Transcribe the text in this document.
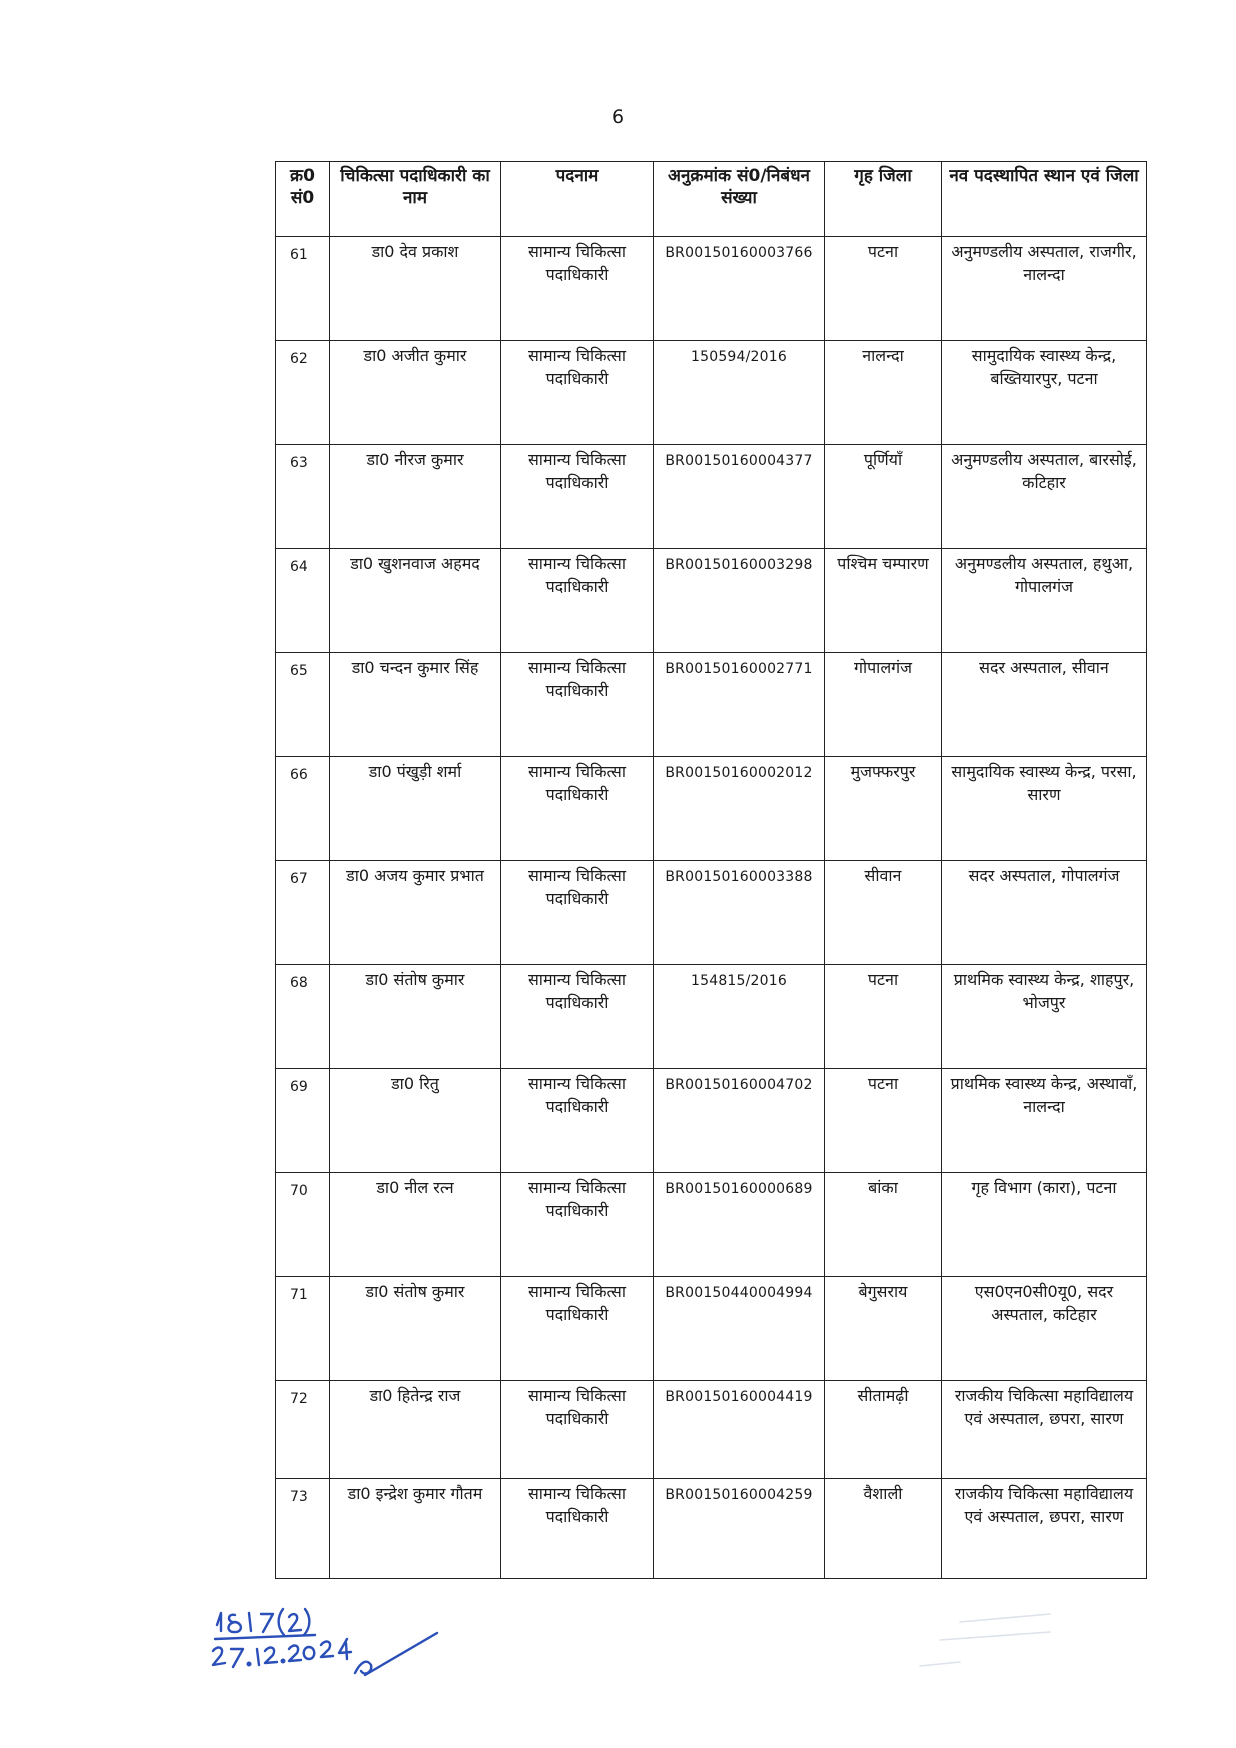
6
क्र0 सं0	चिकित्सा पदाधिकारी का नाम	पदनाम	अनुक्रमांक सं0/निबंधन संख्या	गृह जिला	नव पदस्थापित स्थान एवं जिला
61	डा0 देव प्रकाश	सामान्य चिकित्सा पदाधिकारी	BR00150160003766	पटना	अनुमण्डलीय अस्पताल, राजगीर, नालन्दा
62	डा0 अजीत कुमार	सामान्य चिकित्सा पदाधिकारी	150594/2016	नालन्दा	सामुदायिक स्वास्थ्य केन्द्र, बख्तियारपुर, पटना
63	डा0 नीरज कुमार	सामान्य चिकित्सा पदाधिकारी	BR00150160004377	पूर्णियाँ	अनुमण्डलीय अस्पताल, बारसोई, कटिहार
64	डा0 खुशनवाज अहमद	सामान्य चिकित्सा पदाधिकारी	BR00150160003298	पश्चिम चम्पारण	अनुमण्डलीय अस्पताल, हथुआ, गोपालगंज
65	डा0 चन्दन कुमार सिंह	सामान्य चिकित्सा पदाधिकारी	BR00150160002771	गोपालगंज	सदर अस्पताल, सीवान
66	डा0 पंखुड़ी शर्मा	सामान्य चिकित्सा पदाधिकारी	BR00150160002012	मुजफ्फरपुर	सामुदायिक स्वास्थ्य केन्द्र, परसा, सारण
67	डा0 अजय कुमार प्रभात	सामान्य चिकित्सा पदाधिकारी	BR00150160003388	सीवान	सदर अस्पताल, गोपालगंज
68	डा0 संतोष कुमार	सामान्य चिकित्सा पदाधिकारी	154815/2016	पटना	प्राथमिक स्वास्थ्य केन्द्र, शाहपुर, भोजपुर
69	डा0 रितु	सामान्य चिकित्सा पदाधिकारी	BR00150160004702	पटना	प्राथमिक स्वास्थ्य केन्द्र, अस्थावाँ, नालन्दा
70	डा0 नील रत्न	सामान्य चिकित्सा पदाधिकारी	BR00150160000689	बांका	गृह विभाग (कारा), पटना
71	डा0 संतोष कुमार	सामान्य चिकित्सा पदाधिकारी	BR00150440004994	बेगुसराय	एस0एन0सी0यू0, सदर अस्पताल, कटिहार
72	डा0 हितेन्द्र राज	सामान्य चिकित्सा पदाधिकारी	BR00150160004419	सीतामढ़ी	राजकीय चिकित्सा महाविद्यालय एवं अस्पताल, छपरा, सारण
73	डा0 इन्द्रेश कुमार गौतम	सामान्य चिकित्सा पदाधिकारी	BR00150160004259	वैशाली	राजकीय चिकित्सा महाविद्यालय एवं अस्पताल, छपरा, सारण
